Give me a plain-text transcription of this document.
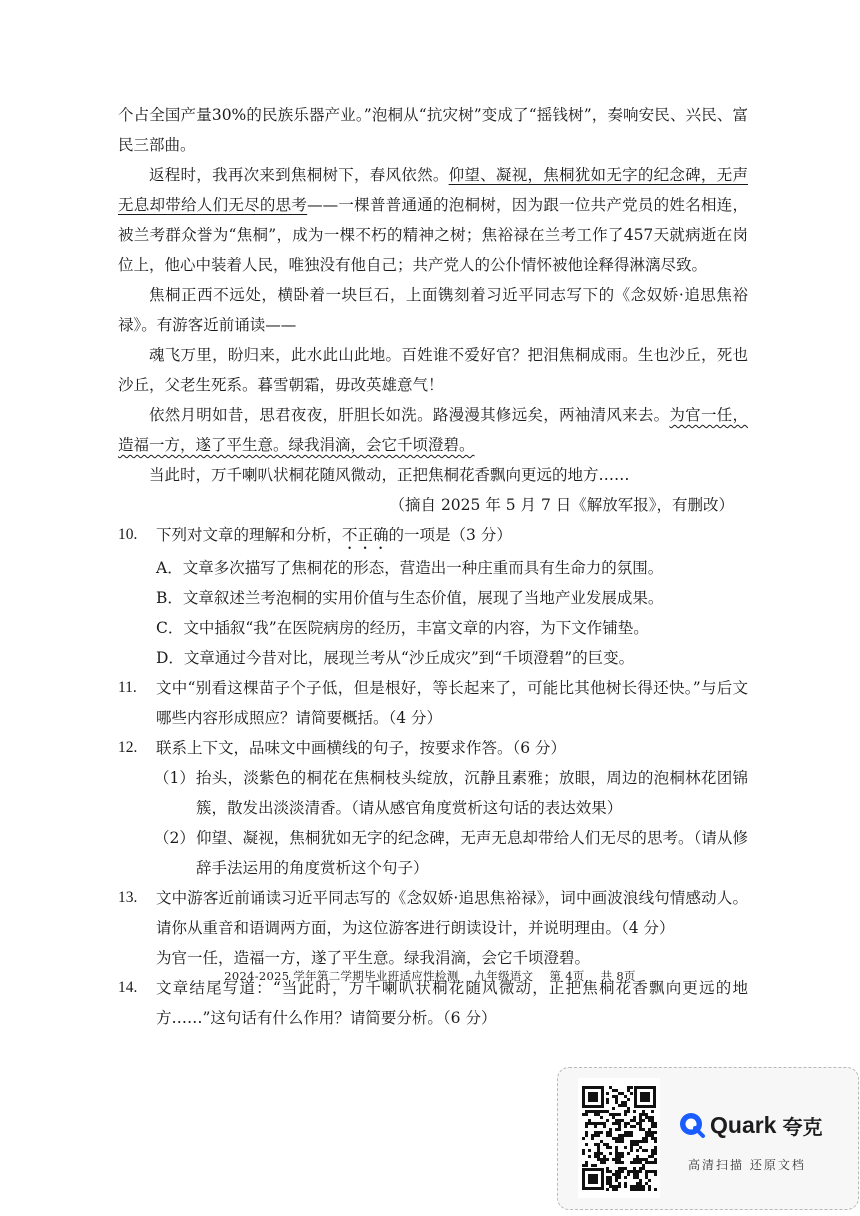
个占全国产量30%的民族乐器产业。”泡桐从“抗灾树”变成了“摇钱树”，奏响安民、兴民、富民三部曲。

返程时，我再次来到焦桐树下，春风依然。仰望、凝视，焦桐犹如无字的纪念碑，无声无息却带给人们无尽的思考——一棵普普通通的泡桐树，因为跟一位共产党员的姓名相连，被兰考群众誉为“焦桐”，成为一棵不朽的精神之树；焦裕禄在兰考工作了457天就病逝在岗位上，他心中装着人民，唯独没有他自己；共产党人的公仆情怀被他诠释得淋漓尽致。

焦桐正西不远处，横卧着一块巨石，上面镌刻着习近平同志写下的《念奴娇·追思焦裕禄》。有游客近前诵读——

魂飞万里，盼归来，此水此山此地。百姓谁不爱好官？把泪焦桐成雨。生也沙丘，死也沙丘，父老生死系。暮雪朝霜，毋改英雄意气！

依然月明如昔，思君夜夜，肝胆长如洗。路漫漫其修远矣，两袖清风来去。为官一任，造福一方，遂了平生意。绿我涓滴，会它千顷澄碧。

当此时，万千喇叭状桐花随风微动，正把焦桐花香飘向更远的地方……

（摘自 2025 年 5 月 7 日《解放军报》，有删改）

10.	下列对文章的理解和分析，不正确的一项是（3 分）

A．文章多次描写了焦桐花的形态，营造出一种庄重而具有生命力的氛围。

B．文章叙述兰考泡桐的实用价值与生态价值，展现了当地产业发展成果。

C．文中插叙“我”在医院病房的经历，丰富文章的内容，为下文作铺垫。

D．文章通过今昔对比，展现兰考从“沙丘成灾”到“千顷澄碧”的巨变。

11.	文中“别看这棵苗子个子低，但是根好，等长起来了，可能比其他树长得还快。”与后文哪些内容形成照应？请简要概括。（4 分）
12.	联系上下文，品味文中画横线的句子，按要求作答。（6 分）
（1） 抬头，淡紫色的桐花在焦桐枝头绽放，沉静且素雅；放眼，周边的泡桐林花团锦簇，散发出淡淡清香。（请从感官角度赏析这句话的表达效果）
（2） 仰望、凝视，焦桐犹如无字的纪念碑，无声无息却带给人们无尽的思考。（请从修辞手法运用的角度赏析这个句子）
13.	文中游客近前诵读习近平同志写的《念奴娇·追思焦裕禄》，词中画波浪线句情感动人。请你从重音和语调两方面，为这位游客进行朗读设计，并说明理由。（4 分）

为官一任，造福一方，遂了平生意。绿我涓滴，会它千顷澄碧。

14.	文章结尾写道：“当此时，万千喇叭状桐花随风微动，正把焦桐花香飘向更远的地方……”这句话有什么作用？请简要分析。（6 分）
2024-2025 学年第二学期毕业班适应性检测 九年级语文 第 4页 共 8页
Quark 夸克
高清扫描 还原文档
